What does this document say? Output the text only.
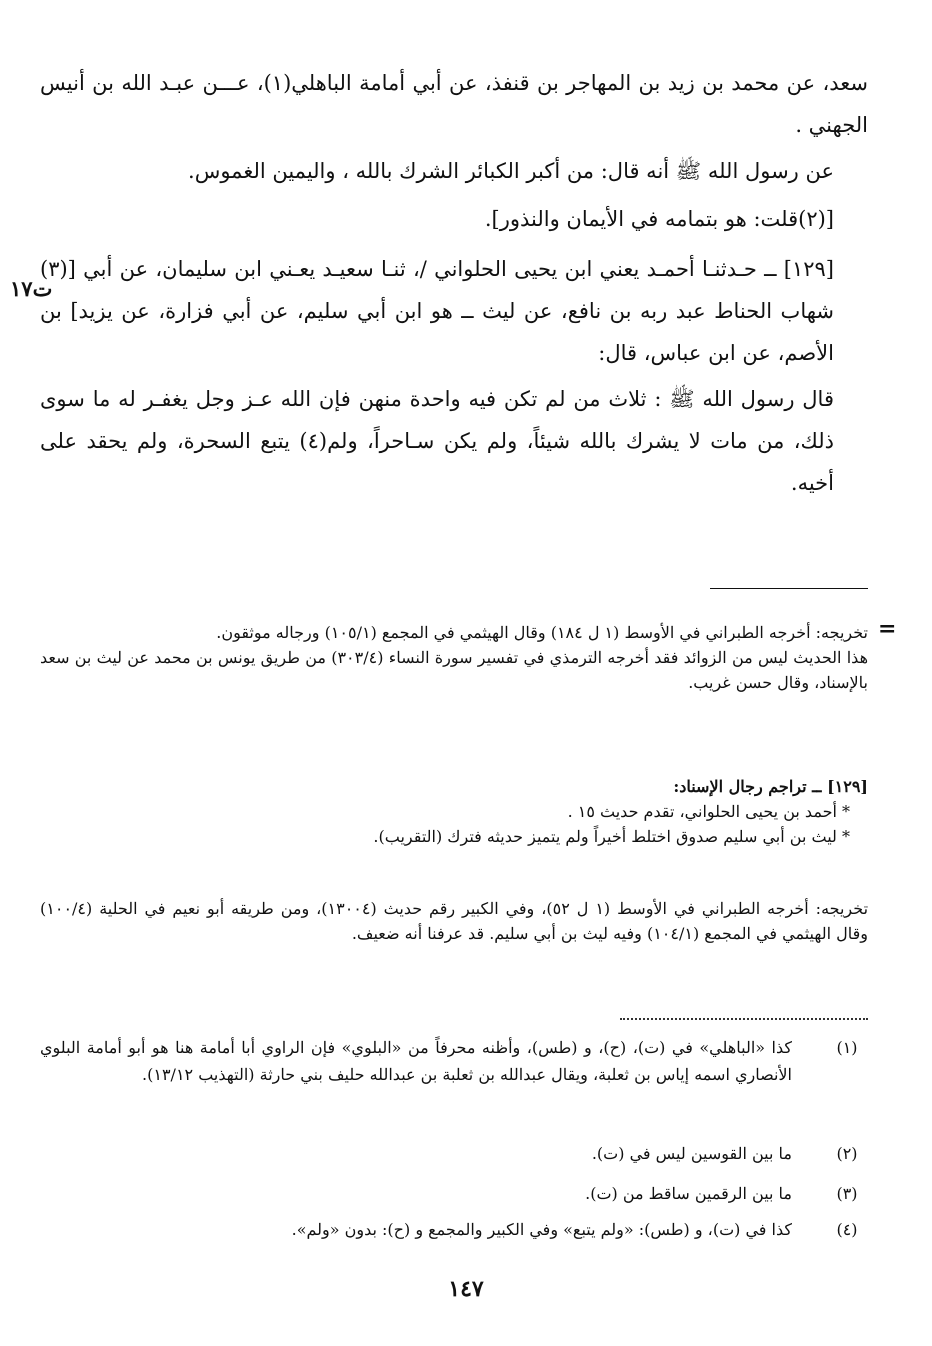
سعد، عن محمد بن زيد بن المهاجر بن قنفذ، عن أبي أمامة الباهلي(١)، عـــن عبـد الله بن أنيس الجهني .

عن رسول الله ﷺ أنه قال: من أكبر الكبائر الشرك بالله ، واليمين الغموس.

[(٢)قلت: هو بتمامه في الأيمان والنذور].

[١٢٩] ــ حـدثنـا أحمـد يعني ابن يحيى الحلواني /، ثنـا سعيـد يعـني ابن سليمان، عن أبي [(٣) شهاب الحناط عبد ربه بن نافع، عن ليث ــ هو ابن أبي سليم، عن أبي فزارة، عن يزيد] بن الأصم، عن ابن عباس، قال:

قال رسول الله ﷺ : ثلاث من لم تكن فيه واحدة منهن فإن الله عـز وجل يغفـر له ما سوى ذلك، من مات لا يشرك بالله شيئاً، ولم يكن سـاحراً، ولم(٤) يتبع السحرة، ولم يحقد على أخيه.

ت١٧
=

تخريجه: أخرجه الطبراني في الأوسط (١ ل ١٨٤) وقال الهيثمي في المجمع (١٠٥/١) ورجاله موثقون.

هذا الحديث ليس من الزوائد فقد أخرجه الترمذي في تفسير سورة النساء (٣٠٣/٤) من طريق يونس بن محمد عن ليث بن سعد بالإسناد، وقال حسن غريب.

[١٢٩] ــ تراجم رجال الإسناد:

* أحمد بن يحيى الحلواني، تقدم حديث ١٥ .

* ليث بن أبي سليم صدوق اختلط أخيراً ولم يتميز حديثه فترك (التقريب).

تخريجه: أخرجه الطبراني في الأوسط (١ ل ٥٢)، وفي الكبير رقم حديث (١٣٠٠٤)، ومن طريقه أبو نعيم في الحلية (١٠٠/٤) وقال الهيثمي في المجمع (١٠٤/١) وفيه ليث بن أبي سليم. قد عرفنا أنه ضعيف.

(١)
كذا «الباهلي» في (ت)، (ح)، و (طس)، وأظنه محرفاً من «البلوي» فإن الراوي أبا أمامة هنا هو أبو أمامة البلوي الأنصاري اسمه إياس بن ثعلبة، ويقال عبدالله بن ثعلبة بن عبدالله حليف بني حارثة (التهذيب ١٣/١٢).
(٢)
ما بين القوسين ليس في (ت).
(٣)
ما بين الرقمين ساقط من (ت).
(٤)
كذا في (ت)، و (طس): «ولم يتبع» وفي الكبير والمجمع و (ح): بدون «ولم».
١٤٧
